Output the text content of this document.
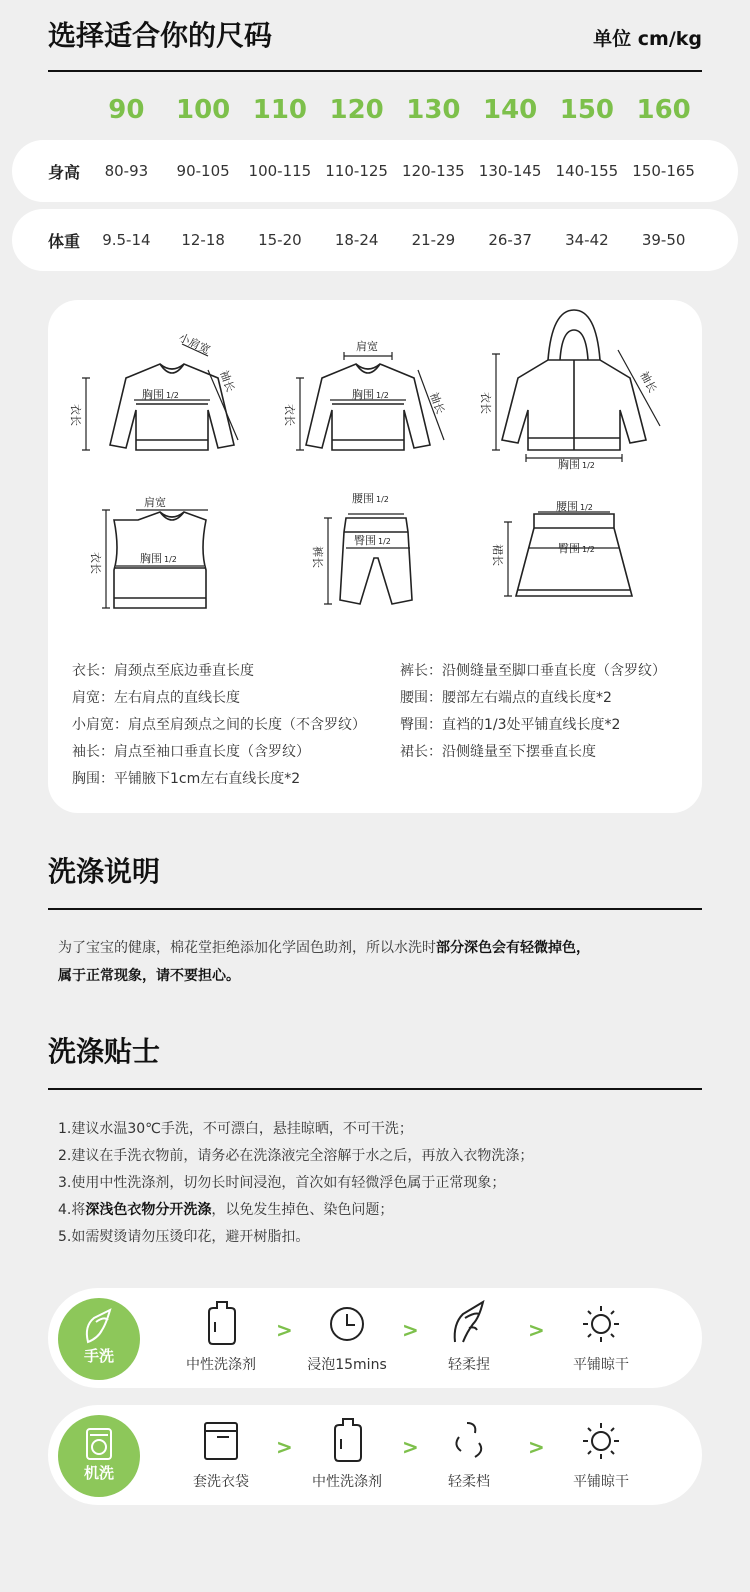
选择适合你的尺码	单位 cm/kg
90	100 110 120 130 140 150 160
身高	80-93	90-105	100-115 110-125 120-135 130-145 140-155 150-165
体重	9.5-14	12-18	15-20	18-24	21-29	26-37	34-42	39-50
小肩宽
衣长
胸围 1/2
袖长
肩宽
衣长
胸围 1/2	袖长	衣长
袖长
胸围 1/2
肩宽
衣长	胸围 1/2
腰围 1/2
臀围 1/2
裤长
腰围 1/2
臀围 1/2
裙长
衣长：肩颈点至底边垂直长度
肩宽：左右肩点的直线长度
小肩宽：肩点至肩颈点之间的长度（不含罗纹）
袖长：肩点至袖口垂直长度（含罗纹）
胸围：平铺腋下1cm左右直线长度*2
裤长：沿侧缝量至脚口垂直长度（含罗纹）
腰围：腰部左右端点的直线长度*2
臀围：直裆的1/3处平铺直线长度*2
裙长：沿侧缝量至下摆垂直长度
洗涤说明
为了宝宝的健康，棉花堂拒绝添加化学固色助剂，所以水洗时部分深色会有轻微掉色，
属于正常现象，请不要担心。
洗涤贴士
1.建议水温30℃手洗，不可漂白，悬挂晾晒，不可干洗；
2.建议在手洗衣物前，请务必在洗涤液完全溶解于水之后，再放入衣物洗涤；
3.使用中性洗涤剂，切勿长时间浸泡，首次如有轻微浮色属于正常现象；
4.将深浅色衣物分开洗涤，以免发生掉色、染色问题；
5.如需熨烫请勿压烫印花，避开树脂扣。
手洗	中性洗涤剂
>
浸泡15mins
>
轻柔捏
>
平铺晾干
机洗	套洗衣袋
>
中性洗涤剂
>
轻柔档
>
平铺晾干
